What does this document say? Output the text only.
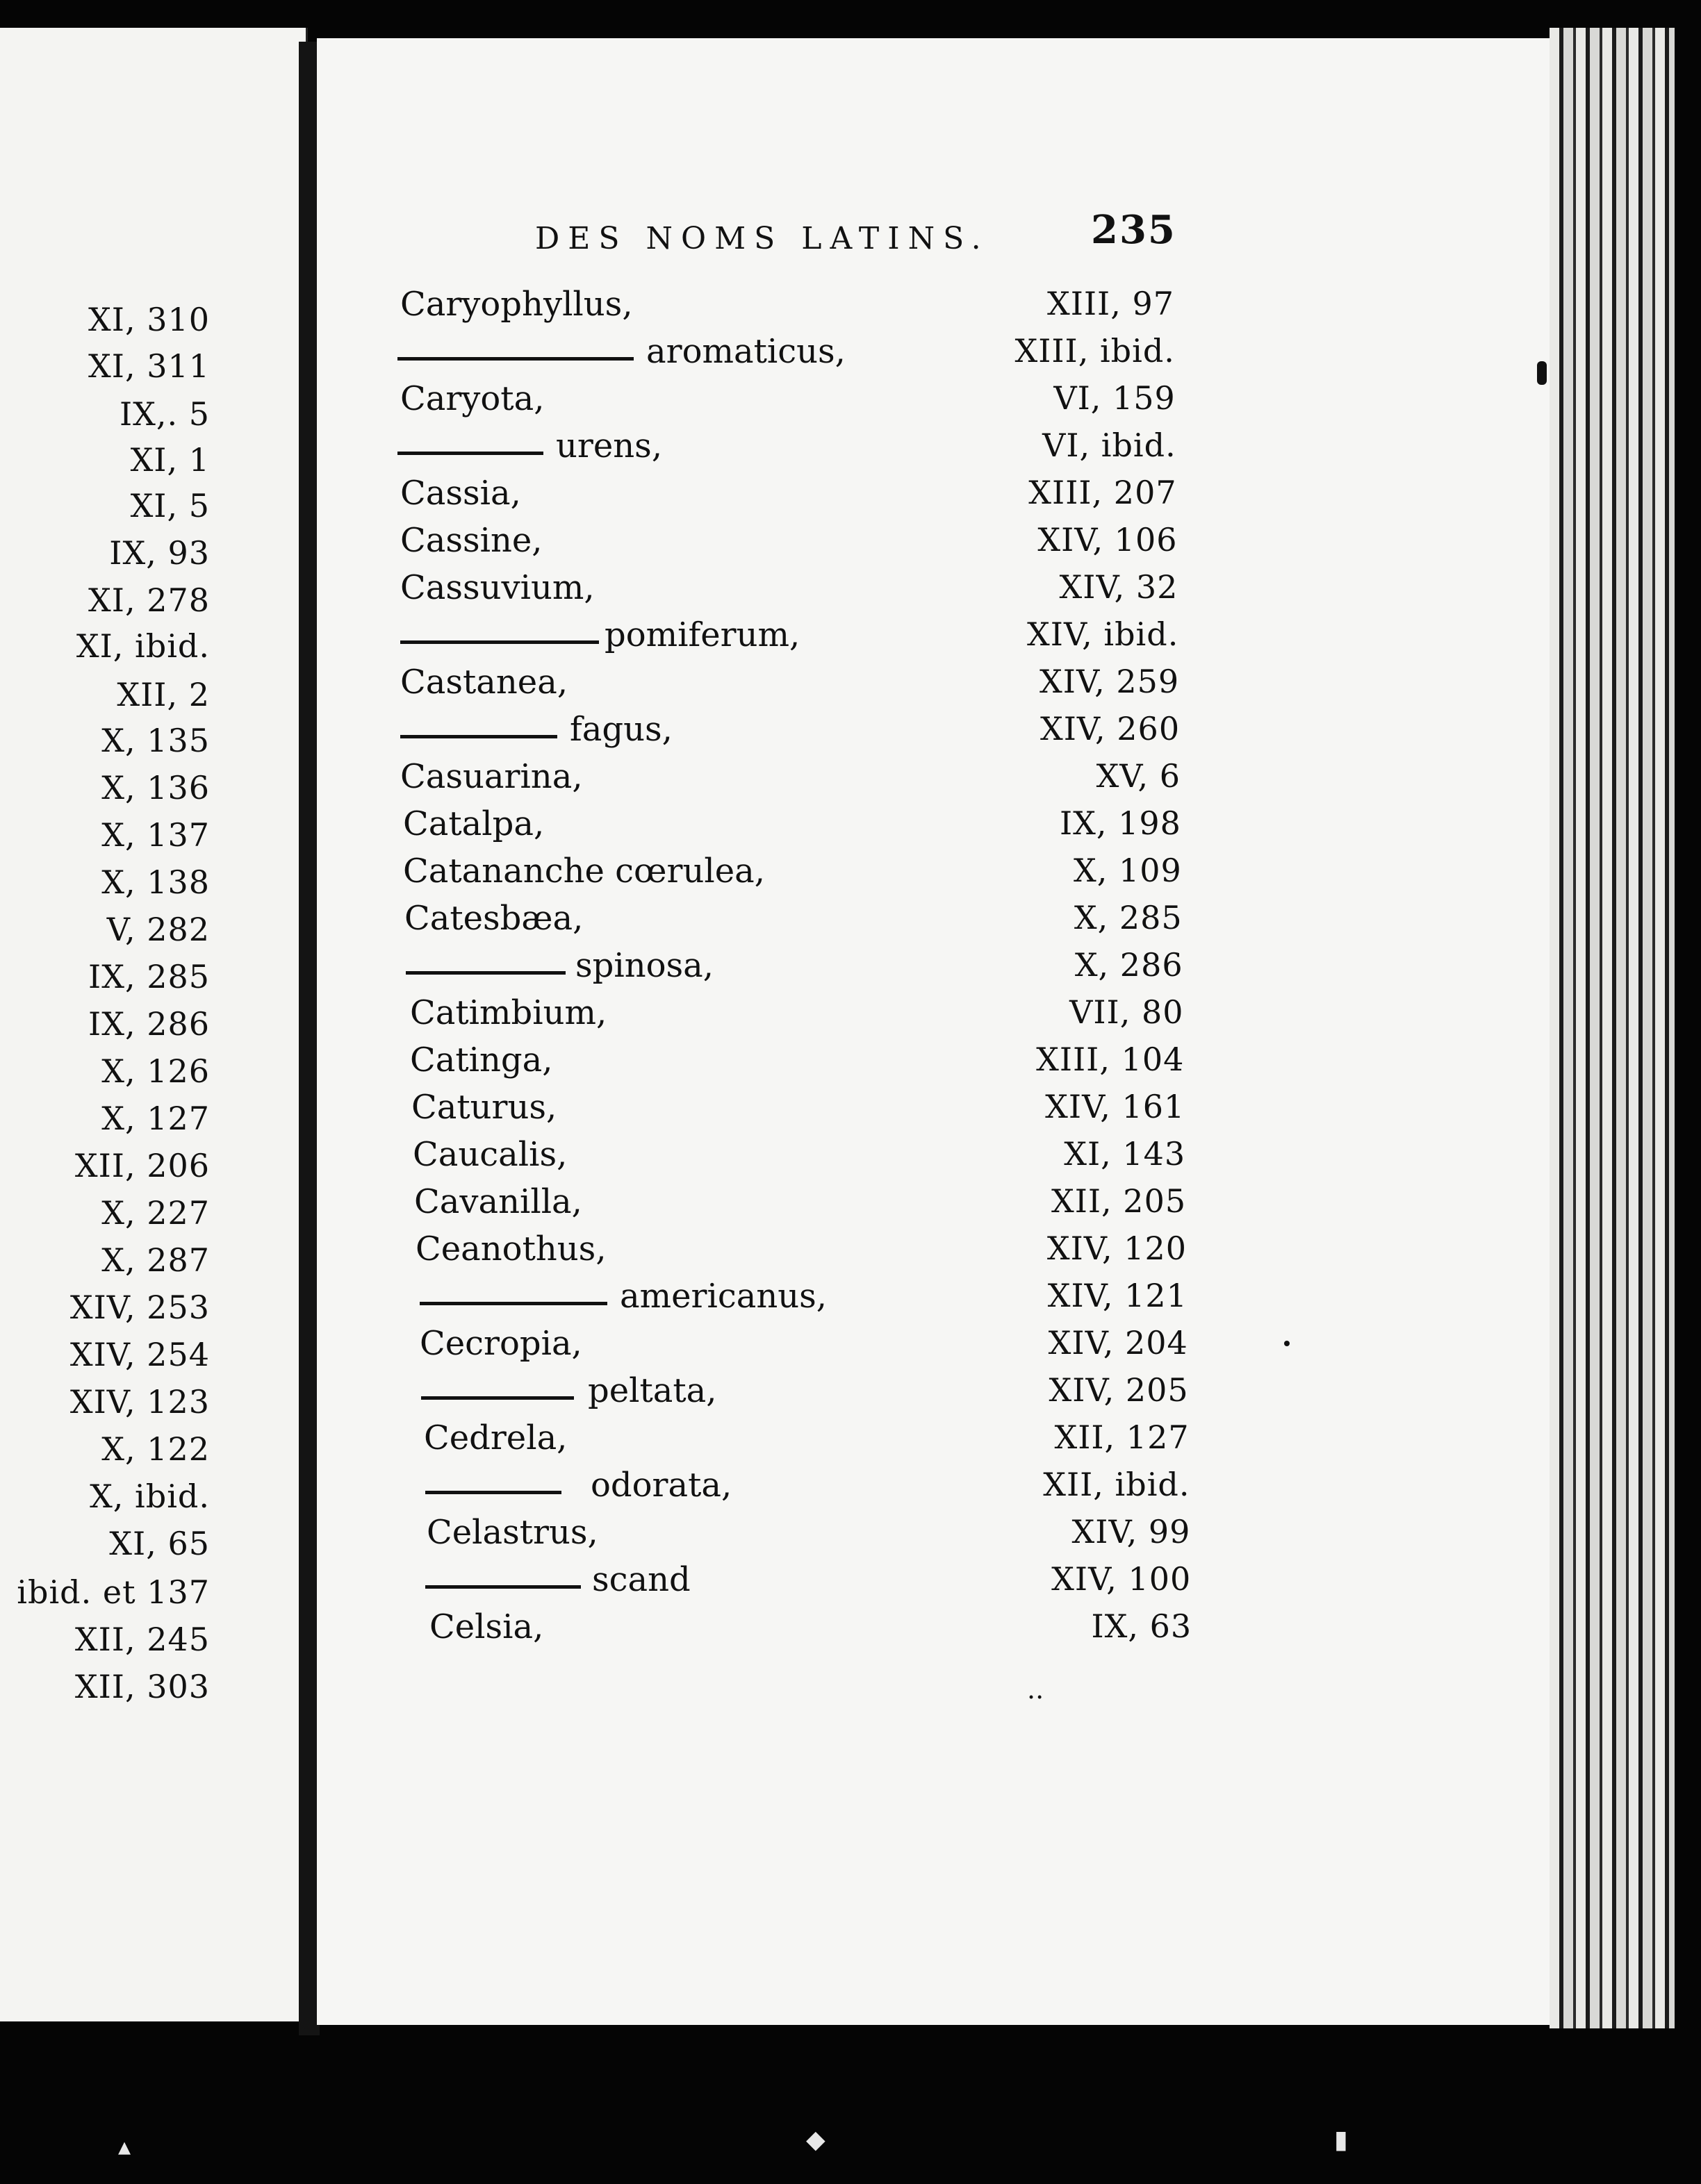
XI, 310
XI, 311
IX,. 5
XI, 1
XI, 5
IX, 93
XI, 278
XI, ibid.
XII, 2
X, 135
X, 136
X, 137
X, 138
V, 282
IX, 285
IX, 286
X, 126
X, 127
XII, 206
X, 227
X, 287
XIV, 253
XIV, 254
XIV, 123
X, 122
X, ibid.
XI, 65
ibid. et 137
XII, 245
XII, 303
DES NOMS LATINS.	235
Caryophyllus,	XIII, 97
aromaticus,	XIII, ibid.
Caryota,	VI, 159
urens,	VI, ibid.
Cassia,	XIII, 207
Cassine,	XIV, 106
Cassuvium,	XIV, 32
pomiferum,	XIV, ibid.
Castanea,	XIV, 259
fagus,	XIV, 260
Casuarina,	XV, 6
Catalpa,	IX, 198
Catananche cœrulea,	X, 109
Catesbæa,	X, 285
spinosa,	X, 286
Catimbium,	VII, 80
Catinga,	XIII, 104
Caturus,	XIV, 161
Caucalis,	XI, 143
Cavanilla,	XII, 205
Ceanothus,	XIV, 120
americanus,	XIV, 121
Cecropia,	XIV, 204
peltata,	XIV, 205
Cedrela,	XII, 127
odorata,	XII, ibid.
Celastrus,	XIV, 99
scand	XIV, 100
Celsia,	IX, 63
..
▴	◆	▮
